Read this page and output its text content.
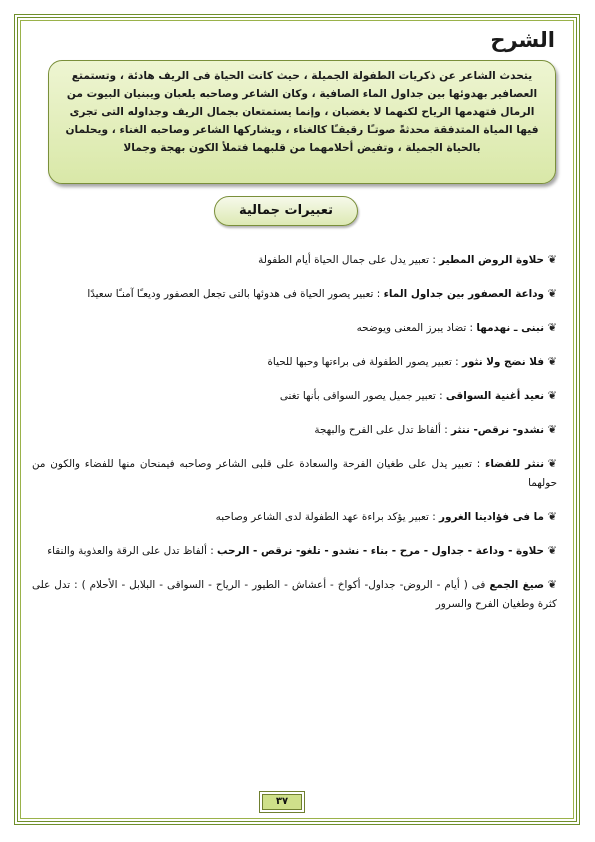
الشرح
يتحدث الشاعر عن ذكريات الطفولة الجميلة ، حيث كانت الحياة فى الريف هادئة ، وتستمتع العصافير بهدوئها بين جداول الماء الصافية ، وكان الشاعر وصاحبه يلعبان ويبنيان البيوت من الرمال فتهدمها الرياح لكنهما لا يغضبان ، وإنما يستمتعان بجمال الريف وجداوله التى تجرى فيها المياة المتدفقة محدثةً صوتـًا رقيقـًا كالغناء ، ويشاركها الشاعر وصاحبه الغناء ، ويحلمان بالحياة الجميلة ، وتفيض أحلامهما من قلبهما فتملأ الكون بهجة وجمالا
تعبيرات جمالية

❦حلاوة الروض المطير : تعبير يدل على جمال الحياة أيام الطفولة

❦وداعة العصفور بين جداول الماء : تعبير يصور الحياة فى هدوئها بالتى تجعل العصفور وديعـًا آمنـًا سعيدًا

❦نبنى ـ نهدمها : تضاد يبرز المعنى ويوضحه

❦فلا نضج ولا نثور : تعبير يصور الطفولة فى براءتها وحبها للحياة

❦نعيد أغنية السواقى : تعبير جميل يصور السواقى بأنها تغنى

❦نشدو- نرقص- ننثر : ألفاظ تدل على الفرح والبهجة

❦ننثر للفضاء : تعبير يدل على طغيان الفرحة والسعادة على قلبى الشاعر وصاحبه فيمنحان منها للفضاء والكون من حولهما

❦ما فى فؤادينا الغرور : تعبير يؤكد براءة عهد الطفولة لدى الشاعر وصاحبه

❦حلاوة - وداعة - جداول - مرح - بناء - نشدو - تلغو- نرقص - الرحب : ألفاظ تدل على الرقة والعذوبة والنقاء

❦صيغ الجمع فى ( أيام - الروض- جداول- أكواخ - أعشاش - الطيور - الرياح - السواقى - البلابل - الأحلام ) : تدل على كثرة وطغيان الفرح والسرور

٣٧
